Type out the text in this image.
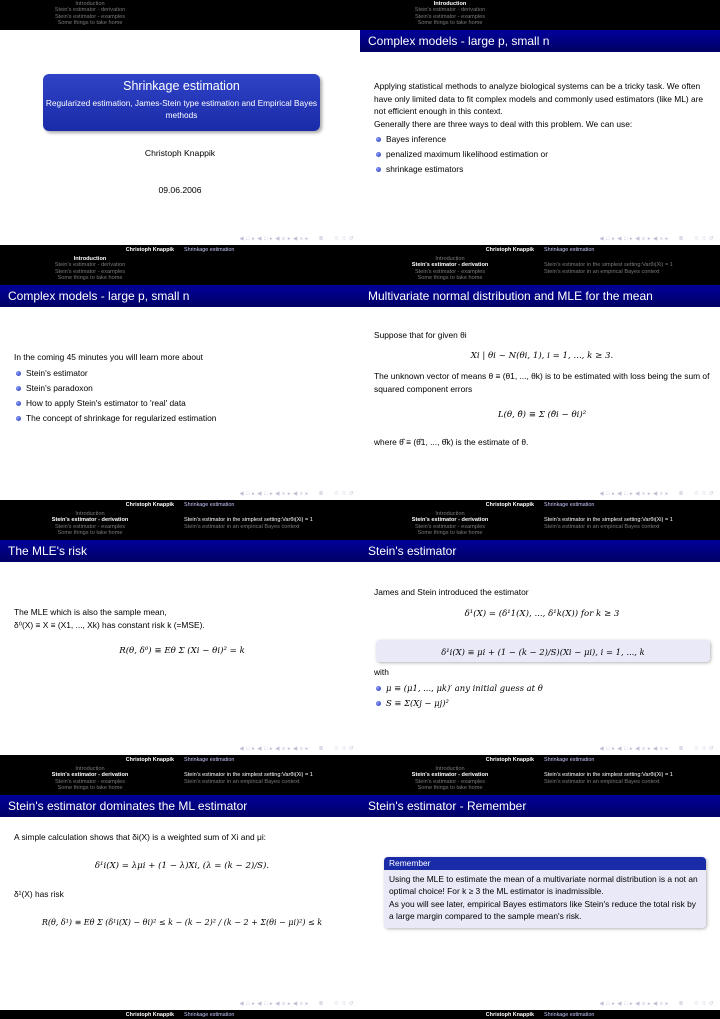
Introduction
Stein's estimator - derivation
Stein's estimator - examples
Some things to take home
Shrinkage estimation
Regularized estimation, James-Stein type estimation and Empirical Bayes methods
Christoph Knappik
09.06.2006
◀ □ ▸ ◀ □ ▸ ◀ ≡ ▸ ◀ ≡ ▸   ≣   ♲ ♲ ↺
Christoph Knappik	Shrinkage estimation
Introduction
Stein's estimator - derivation
Stein's estimator - examples
Some things to take home
Complex models - large p, small n
Applying statistical methods to analyze biological systems can be a tricky task. We often have only limited data to fit complex models and commonly used estimators (like ML) are not efficient enough in this context.
Generally there are three ways to deal with this problem. We can use:
Bayes inference
penalized maximum likelihood estimation or
shrinkage estimators
◀ □ ▸ ◀ □ ▸ ◀ ≡ ▸ ◀ ≡ ▸   ≣   ♲ ♲ ↺
Christoph Knappik	Shrinkage estimation
Introduction
Stein's estimator - derivation
Stein's estimator - examples
Some things to take home
Complex models - large p, small n
In the coming 45 minutes you will learn more about
Stein's estimator
Stein's paradoxon
How to apply Stein's estimator to 'real' data
The concept of shrinkage for regularized estimation
◀ □ ▸ ◀ □ ▸ ◀ ≡ ▸ ◀ ≡ ▸   ≣   ♲ ♲ ↺
Christoph Knappik	Shrinkage estimation
Introduction
Stein's estimator - derivation
Stein's estimator - examples
Some things to take home
Stein's estimator in the simplest setting:Varθi(Xi) = 1
Stein's estimator in an empirical Bayes context
Multivariate normal distribution and MLE for the mean
Suppose that for given θi
Xi | θi ~ N(θi, 1), i = 1, ..., k ≥ 3.
The unknown vector of means θ ≡ (θ1, ..., θk) is to be estimated with loss being the sum of squared component errors
L(θ, θ̂) ≡ Σ (θ̂i − θi)²
where θ̂ ≡ (θ̂1, ..., θ̂k) is the estimate of θ.
◀ □ ▸ ◀ □ ▸ ◀ ≡ ▸ ◀ ≡ ▸   ≣   ♲ ♲ ↺
Christoph Knappik	Shrinkage estimation
Introduction
Stein's estimator - derivation
Stein's estimator - examples
Some things to take home
Stein's estimator in the simplest setting:Varθi(Xi) = 1
Stein's estimator in an empirical Bayes context
The MLE's risk
The MLE which is also the sample mean,
δ⁰(X) ≡ X ≡ (X1, ..., Xk) has constant risk k (=MSE).
R(θ, δ⁰) ≡ Eθ Σ (Xi − θi)² = k
◀ □ ▸ ◀ □ ▸ ◀ ≡ ▸ ◀ ≡ ▸   ≣   ♲ ♲ ↺
Christoph Knappik	Shrinkage estimation
Introduction
Stein's estimator - derivation
Stein's estimator - examples
Some things to take home
Stein's estimator in the simplest setting:Varθi(Xi) = 1
Stein's estimator in an empirical Bayes context
Stein's estimator
James and Stein introduced the estimator
δ¹(X) = (δ¹1(X), ..., δ¹k(X)) for k ≥ 3
δ¹i(X) ≡ μi + (1 − (k − 2)/S)(Xi − μi), i = 1, ..., k
with
μ ≡ (μ1, ..., μk)′ any initial guess at θ
S ≡ Σ(Xj − μj)²
◀ □ ▸ ◀ □ ▸ ◀ ≡ ▸ ◀ ≡ ▸   ≣   ♲ ♲ ↺
Christoph Knappik	Shrinkage estimation
Introduction
Stein's estimator - derivation
Stein's estimator - examples
Some things to take home
Stein's estimator in the simplest setting:Varθi(Xi) = 1
Stein's estimator in an empirical Bayes context
Stein's estimator dominates the ML estimator
A simple calculation shows that δi(X) is a weighted sum of Xi and μi:
δ¹i(X) = λμi + (1 − λ)Xi, (λ = (k − 2)/S).
δ¹(X) has risk
R(θ, δ¹) ≡ Eθ Σ (δ¹i(X) − θi)² ≤ k − (k − 2)² / (k − 2 + Σ(θi − μi)²) ≤ k
◀ □ ▸ ◀ □ ▸ ◀ ≡ ▸ ◀ ≡ ▸   ≣   ♲ ♲ ↺
Christoph Knappik	Shrinkage estimation
Introduction
Stein's estimator - derivation
Stein's estimator - examples
Some things to take home
Stein's estimator in the simplest setting:Varθi(Xi) = 1
Stein's estimator in an empirical Bayes context
Stein's estimator - Remember
Remember
Using the MLE to estimate the mean of a multivariate normal distribution is a not an optimal choice! For k ≥ 3 the ML estimator is inadmissible.
As you will see later, empirical Bayes estimators like Stein's reduce the total risk by a large margin compared to the sample mean's risk.
◀ □ ▸ ◀ □ ▸ ◀ ≡ ▸ ◀ ≡ ▸   ≣   ♲ ♲ ↺
Christoph Knappik	Shrinkage estimation
